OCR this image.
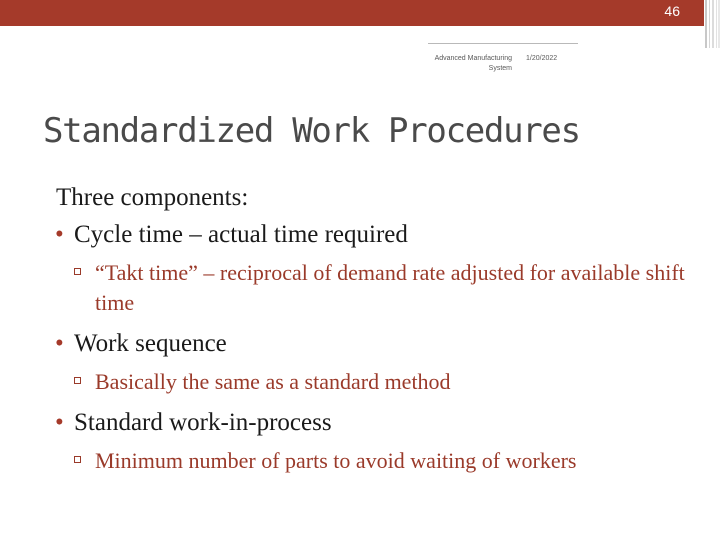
46
Advanced Manufacturing System
1/20/2022
Standardized Work Procedures

Three components:

• Cycle time – actual time required
“Takt time” – reciprocal of demand rate adjusted for available shift time
• Work sequence
Basically the same as a standard method
• Standard work-in-process
Minimum number of parts to avoid waiting of workers
